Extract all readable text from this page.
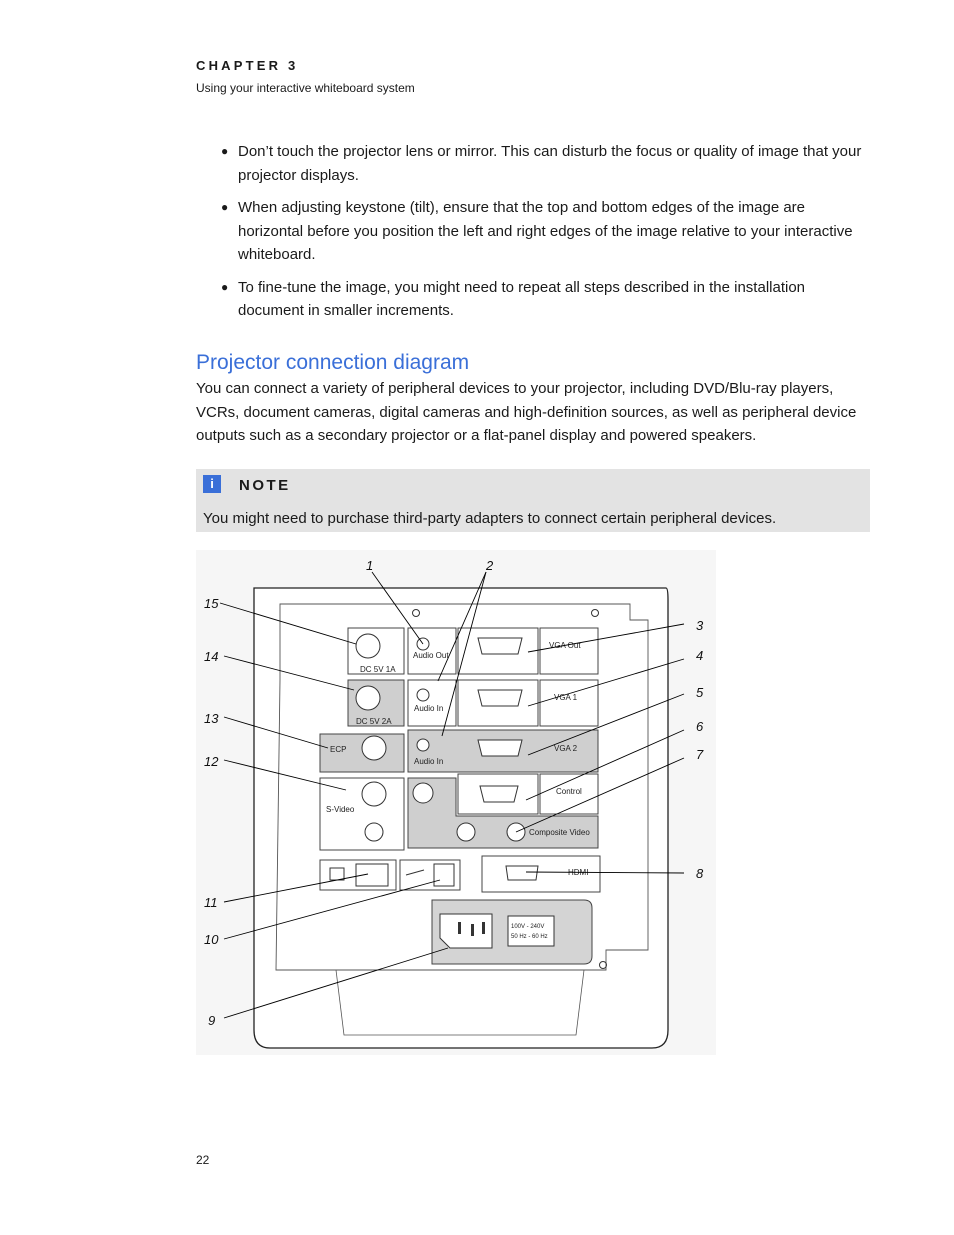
CHAPTER 3
Using your interactive whiteboard system
● Don’t touch the projector lens or mirror. This can disturb the focus or quality of image that your projector displays.
● When adjusting keystone (tilt), ensure that the top and bottom edges of the image are horizontal before you position the left and right edges of the image relative to your interactive whiteboard.
● To fine-tune the image, you might need to repeat all steps described in the installation document in smaller increments.
Projector connection diagram

You can connect a variety of peripheral devices to your projector, including DVD/Blu-ray players, VCRs, document cameras, digital cameras and high-definition sources, as well as peripheral device outputs such as a secondary projector or a flat-panel display and powered speakers.

i	NOTE
You might need to purchase third-party adapters to connect certain peripheral devices.
DC 5V 1A
Audio Out
VGA Out
DC 5V 2A
Audio In
VGA 1
ECP
Audio In
VGA 2
S-Video
Composite Video
Control
HDMI
100V - 240V
50 Hz - 60 Hz
1	2
3
4
5
6
7
8
9
10
11
12
13
14
15
22
